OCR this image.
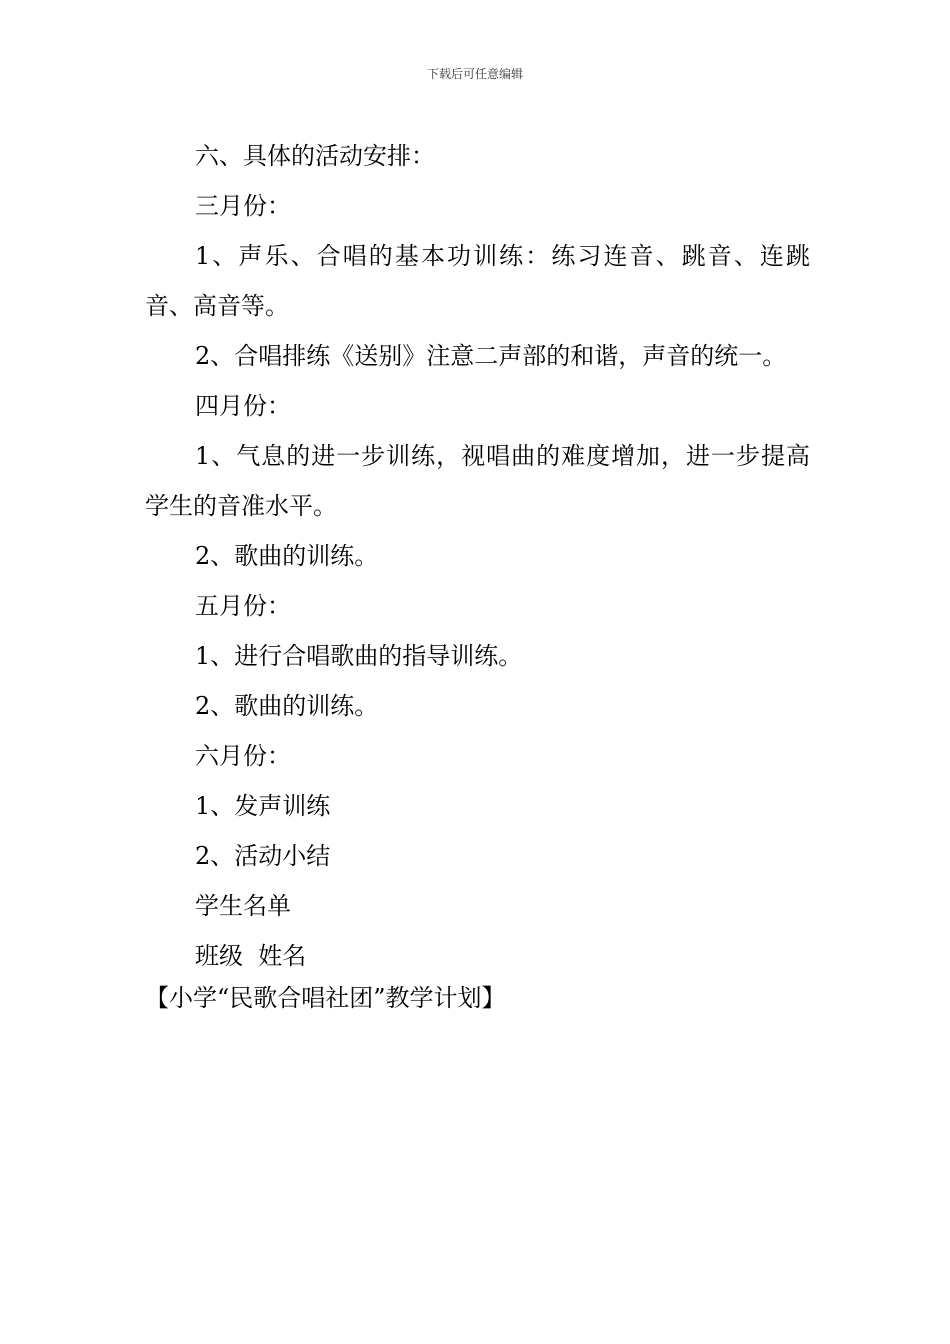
下载后可任意编辑

六、具体的活动安排：

三月份：

1、声乐、合唱的基本功训练：练习连音、跳音、连跳音、高音等。

2、合唱排练《送别》注意二声部的和谐，声音的统一。

四月份：

1、气息的进一步训练，视唱曲的难度增加，进一步提高学生的音准水平。

2、歌曲的训练。

五月份：

1、进行合唱歌曲的指导训练。

2、歌曲的训练。

六月份：

1、发声训练

2、活动小结

学生名单

班级  姓名

【小学“民歌合唱社团”教学计划】
